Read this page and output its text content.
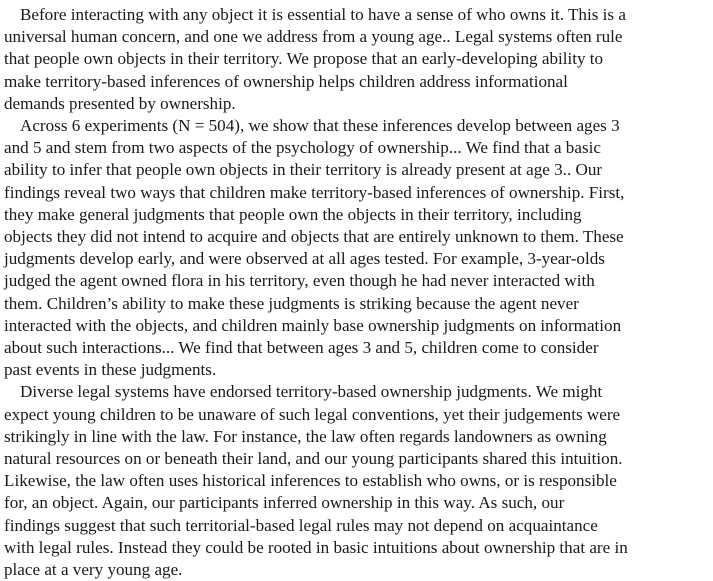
Before interacting with any object it is essential to have a sense of who owns it. This is a
universal human concern, and one we address from a young age.. Legal systems often rule
that people own objects in their territory. We propose that an early-developing ability to
make territory-based inferences of ownership helps children address informational
demands presented by ownership.

Across 6 experiments (N = 504), we show that these inferences develop between ages 3
and 5 and stem from two aspects of the psychology of ownership... We find that a basic
ability to infer that people own objects in their territory is already present at age 3.. Our
findings reveal two ways that children make territory-based inferences of ownership. First,
they make general judgments that people own the objects in their territory, including
objects they did not intend to acquire and objects that are entirely unknown to them. These
judgments develop early, and were observed at all ages tested. For example, 3-year-olds
judged the agent owned flora in his territory, even though he had never interacted with
them. Children’s ability to make these judgments is striking because the agent never
interacted with the objects, and children mainly base ownership judgments on information
about such interactions... We find that between ages 3 and 5, children come to consider
past events in these judgments.

Diverse legal systems have endorsed territory-based ownership judgments. We might
expect young children to be unaware of such legal conventions, yet their judgements were
strikingly in line with the law. For instance, the law often regards landowners as owning
natural resources on or beneath their land, and our young participants shared this intuition.
Likewise, the law often uses historical inferences to establish who owns, or is responsible
for, an object. Again, our participants inferred ownership in this way. As such, our
findings suggest that such territorial-based legal rules may not depend on acquaintance
with legal rules. Instead they could be rooted in basic intuitions about ownership that are in
place at a very young age.
